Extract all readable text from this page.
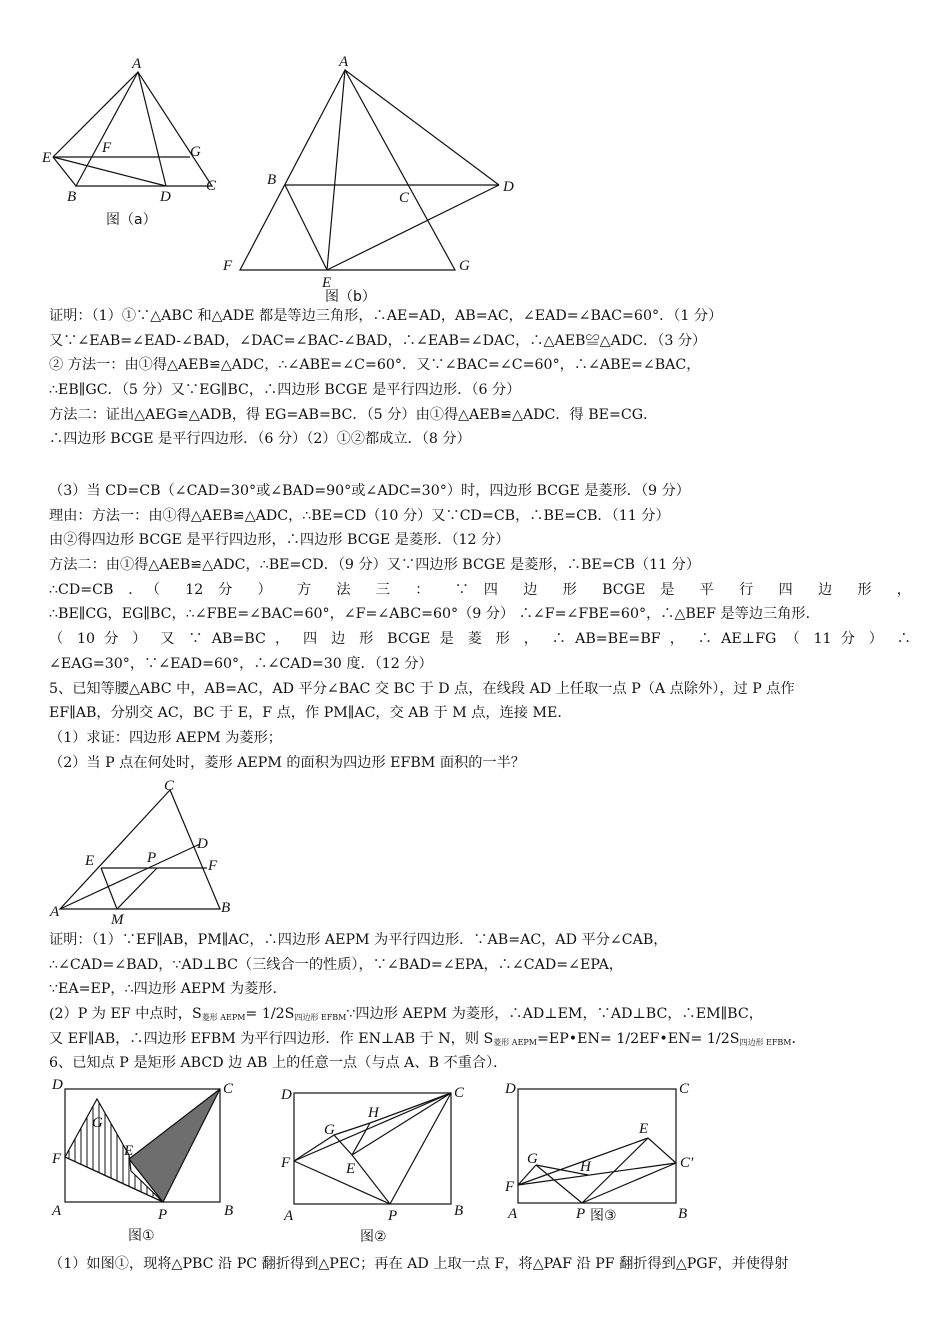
A
E
F	G
B	D
C
图（a）
A
B
C
D
F
E
G
图（b）
证明：（1）①∵△ABC 和△ADE 都是等边三角形，∴AE=AD，AB=AC，∠EAD=∠BAC=60°．（1 分）
又∵∠EAB=∠EAD-∠BAD，∠DAC=∠BAC-∠BAD，∴∠EAB=∠DAC，∴△AEB≌△ADC．（3 分）
② 方法一：由①得△AEB≌△ADC，∴∠ABE=∠C=60°．又∵∠BAC=∠C=60°，∴∠ABE=∠BAC，
∴EB∥GC．（5 分）又∵EG∥BC，∴四边形 BCGE 是平行四边形．（6 分）
方法二：证出△AEG≌△ADB，得 EG=AB=BC．（5 分）由①得△AEB≌△ADC．得 BE=CG．
∴四边形 BCGE 是平行四边形．（6 分）（2）①②都成立．（8 分）
（3）当 CD=CB（∠CAD=30°或∠BAD=90°或∠ADC=30°）时，四边形 BCGE 是菱形．（9 分）
理由：方法一：由①得△AEB≌△ADC，∴BE=CD（10 分）又∵CD=CB，∴BE=CB．（11 分）
由②得四边形 BCGE 是平行四边形，∴四边形 BCGE 是菱形．（12 分）
方法二：由①得△AEB≌△ADC，∴BE=CD．（9 分）又∵四边形 BCGE 是菱形，∴BE=CB（11 分）
∴CD=CB ．（ 12 分 ） 方 法 三 ： ∵ 四 边 形 BCGE 是 平 行 四 边 形 ，
∴BE∥CG，EG∥BC，∴∠FBE=∠BAC=60°，∠F=∠ABC=60°（9 分） ∴∠F=∠FBE=60°，∴△BEF 是等边三角形．
（ 10 分 ） 又 ∵ AB=BC ， 四 边 形 BCGE 是 菱 形 ， ∴ AB=BE=BF ， ∴ AE⊥FG （ 11 分 ） ∴
∠EAG=30°，∵∠EAD=60°，∴∠CAD=30 度．（12 分）
5、已知等腰△ABC 中，AB=AC，AD 平分∠BAC 交 BC 于 D 点，在线段 AD 上任取一点 P（A 点除外），过 P 点作
EF∥AB，分别交 AC，BC 于 E，F 点，作 PM∥AC，交 AB 于 M 点，连接 ME．
（1）求证：四边形 AEPM 为菱形；
（2）当 P 点在何处时，菱形 AEPM 的面积为四边形 EFBM 面积的一半？
C
D
E	P	F
A	M
B
证明：（1）∵EF∥AB，PM∥AC，∴四边形 AEPM 为平行四边形．∵AB=AC，AD 平分∠CAB，
∴∠CAD=∠BAD，∵AD⊥BC（三线合一的性质），∵∠BAD=∠EPA，∴∠CAD=∠EPA，
∵EA=EP，∴四边形 AEPM 为菱形．
(2）P 为 EF 中点时，$S_{菱形 AEPM}=$ $1/2S_{四边形 EFBM}\because$四边形 AEPM 为菱形，∴AD⊥EM，∵AD⊥BC，∴EM∥BC，
又 EF∥AB，∴四边形 EFBM 为平行四边形．作 EN⊥AB 于 N，则 $S_{菱形 AEPM}=EP•EN=$ 1/2EF•EN= $1/2S_{四边形 EFBM}$．
6、已知点 P 是矩形 ABCD 边 AB 上的任意一点（与点 A、B 不重合）．
D	C
G
E
F
A	P	B
图①
D	C
H
G
F	E
A	P	B
图②
D	C
E
G	H	C'
F
A	P	B
图③
（1）如图①，现将△PBC 沿 PC 翻折得到△PEC；再在 AD 上取一点 F，将△PAF 沿 PF 翻折得到△PGF，并使得射
